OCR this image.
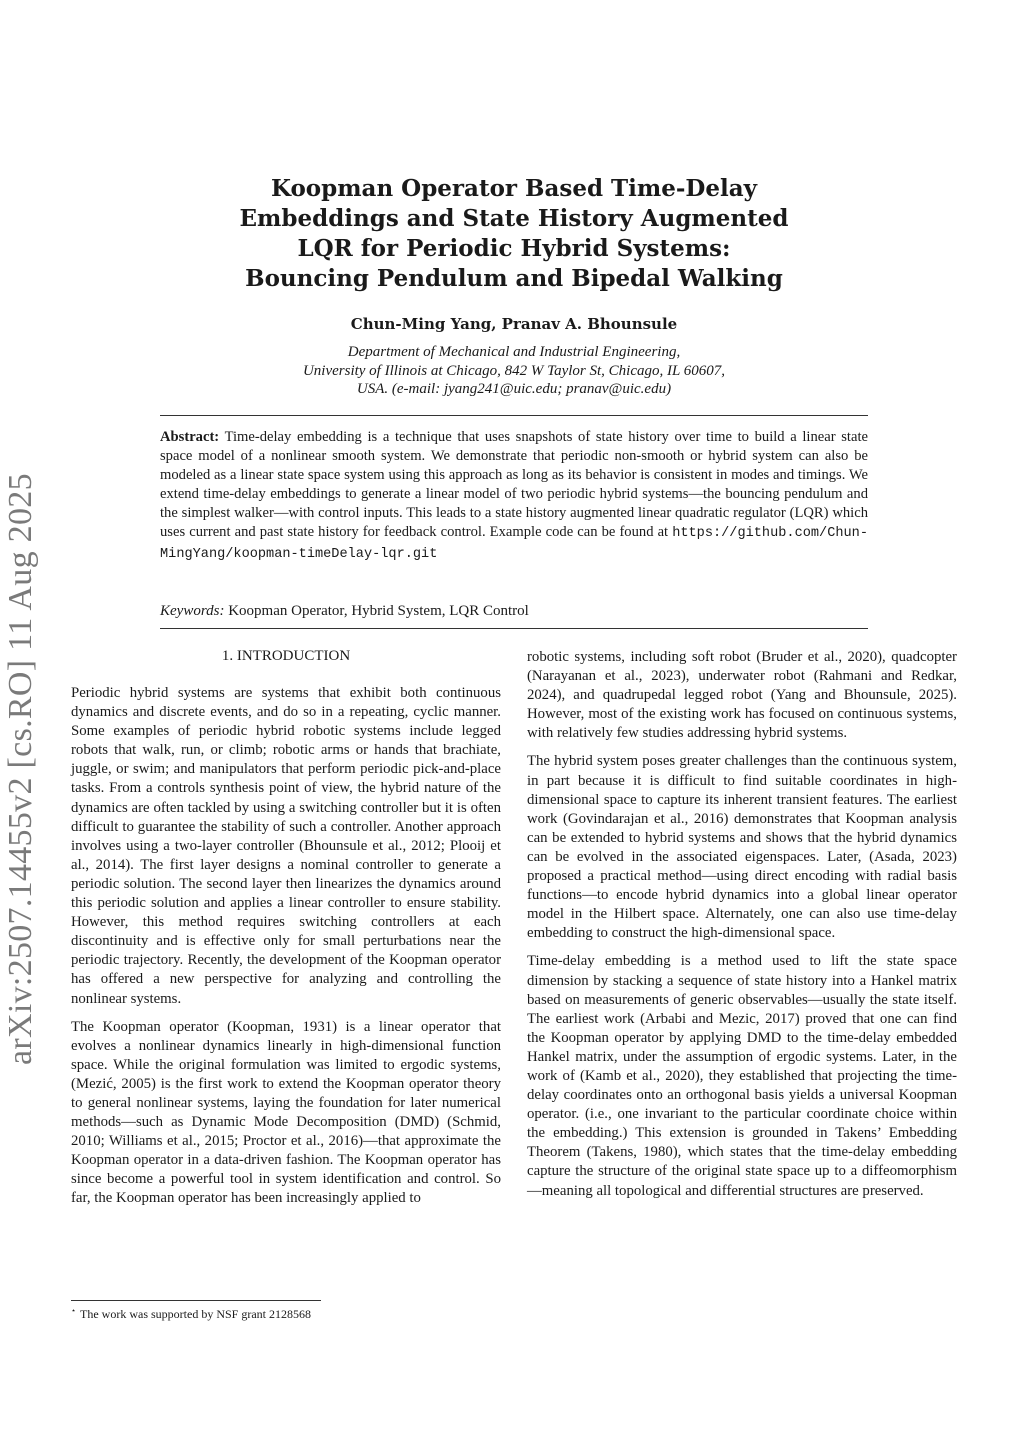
arXiv:2507.14455v2 [cs.RO] 11 Aug 2025
Koopman Operator Based Time-Delay
Embeddings and State History Augmented
LQR for Periodic Hybrid Systems:
Bouncing Pendulum and Bipedal Walking
Chun-Ming Yang, Pranav A. Bhounsule
Department of Mechanical and Industrial Engineering,
University of Illinois at Chicago, 842 W Taylor St, Chicago, IL 60607,
USA. (e-mail: jyang241@uic.edu; pranav@uic.edu)
Abstract: Time-delay embedding is a technique that uses snapshots of state history over time to build a linear state space model of a nonlinear smooth system. We demonstrate that periodic non-smooth or hybrid system can also be modeled as a linear state space system using this approach as long as its behavior is consistent in modes and timings. We extend time-delay embeddings to generate a linear model of two periodic hybrid systems—the bouncing pendulum and the simplest walker—with control inputs. This leads to a state history augmented linear quadratic regulator (LQR) which uses current and past state history for feedback control. Example code can be found at https://github.com/Chun-MingYang/koopman-timeDelay-lqr.git
Keywords: Koopman Operator, Hybrid System, LQR Control
1. INTRODUCTION

Periodic hybrid systems are systems that exhibit both continuous dynamics and discrete events, and do so in a repeating, cyclic manner. Some examples of periodic hybrid robotic systems include legged robots that walk, run, or climb; robotic arms or hands that brachiate, juggle, or swim; and manipulators that perform periodic pick-and-place tasks. From a controls synthesis point of view, the hybrid nature of the dynamics are often tackled by using a switching controller but it is often difficult to guarantee the stability of such a controller. Another approach involves using a two-layer controller (Bhounsule et al., 2012; Plooij et al., 2014). The first layer designs a nominal controller to generate a periodic solution. The second layer then linearizes the dynamics around this periodic solution and applies a linear controller to ensure stability. However, this method requires switching controllers at each discontinuity and is effective only for small perturbations near the periodic trajectory. Recently, the development of the Koopman operator has offered a new perspective for analyzing and controlling the nonlinear systems.

The Koopman operator (Koopman, 1931) is a linear operator that evolves a nonlinear dynamics linearly in high-dimensional function space. While the original formulation was limited to ergodic systems, (Mezić, 2005) is the first work to extend the Koopman operator theory to general nonlinear systems, laying the foundation for later numerical methods—such as Dynamic Mode Decomposition (DMD) (Schmid, 2010; Williams et al., 2015; Proctor et al., 2016)—that approximate the Koopman operator in a data-driven fashion. The Koopman operator has since become a powerful tool in system identification and control. So far, the Koopman operator has been increasingly applied to

robotic systems, including soft robot (Bruder et al., 2020), quadcopter (Narayanan et al., 2023), underwater robot (Rahmani and Redkar, 2024), and quadrupedal legged robot (Yang and Bhounsule, 2025). However, most of the existing work has focused on continuous systems, with relatively few studies addressing hybrid systems.

The hybrid system poses greater challenges than the continuous system, in part because it is difficult to find suitable coordinates in high-dimensional space to capture its inherent transient features. The earliest work (Govindarajan et al., 2016) demonstrates that Koopman analysis can be extended to hybrid systems and shows that the hybrid dynamics can be evolved in the associated eigenspaces. Later, (Asada, 2023) proposed a practical method—using direct encoding with radial basis functions—to encode hybrid dynamics into a global linear operator model in the Hilbert space. Alternately, one can also use time-delay embedding to construct the high-dimensional space.

Time-delay embedding is a method used to lift the state space dimension by stacking a sequence of state history into a Hankel matrix based on measurements of generic observables—usually the state itself. The earliest work (Arbabi and Mezic, 2017) proved that one can find the Koopman operator by applying DMD to the time-delay embedded Hankel matrix, under the assumption of ergodic systems. Later, in the work of (Kamb et al., 2020), they established that projecting the time-delay coordinates onto an orthogonal basis yields a universal Koopman operator. (i.e., one invariant to the particular coordinate choice within the embedding.) This extension is grounded in Takens’ Embedding Theorem (Takens, 1980), which states that the time-delay embedding capture the structure of the original state space up to a diffeomorphism—meaning all topological and differential structures are preserved.

⋆ The work was supported by NSF grant 2128568
